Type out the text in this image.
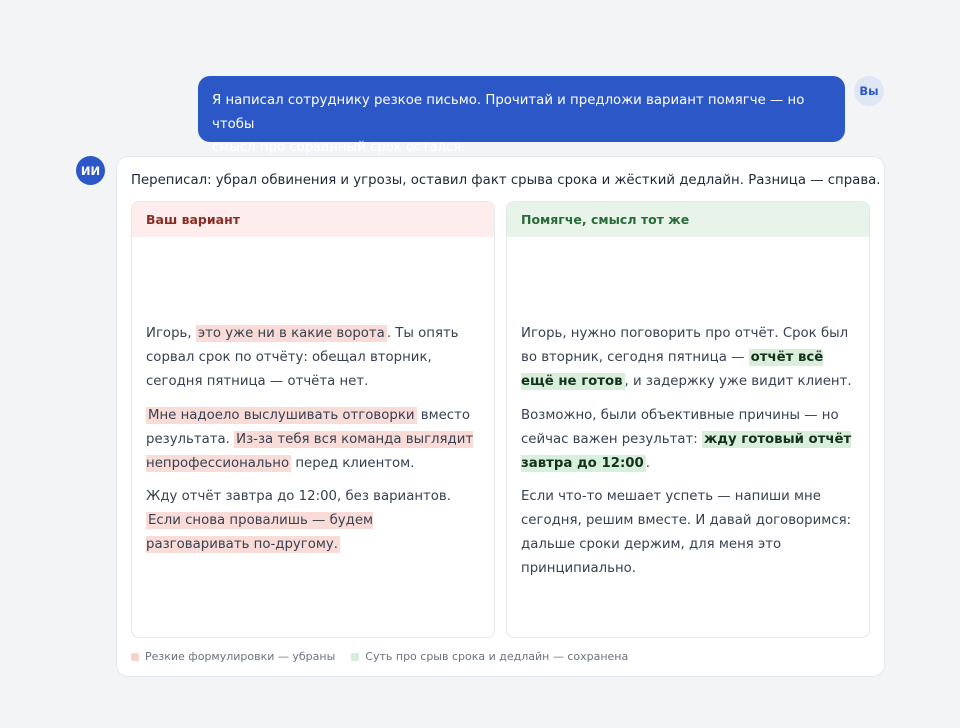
Я написал сотруднику резкое письмо. Прочитай и предложи вариант помягче — но чтобы
смысл про сорванный срок остался.
Вы
ИИ
Переписал: убрал обвинения и угрозы, оставил факт срыва срока и жёсткий дедлайн. Разница — справа.
Ваш вариант

Игорь, это уже ни в какие ворота . Ты опять сорвал срок по отчёту: обещал вторник, сегодня пятница — отчёта нет.

Мне надоело выслушивать отговорки вместо результата. Из-за тебя вся команда выглядит непрофессионально перед клиентом.

Жду отчёт завтра до 12:00, без вариантов. Если снова провалишь — будем разговаривать по-другому.

Помягче, смысл тот же

Игорь, нужно поговорить про отчёт. Срок был во вторник, сегодня пятница — отчёт всё ещё не готов , и задержку уже видит клиент.

Возможно, были объективные причины — но сейчас важен результат: жду готовый отчёт завтра до 12:00 .

Если что-то мешает успеть — напиши мне сегодня, решим вместе. И давай договоримся: дальше сроки держим, для меня это принципиально.

Резкие формулировки — убраны	Суть про срыв срока и дедлайн — сохранена
